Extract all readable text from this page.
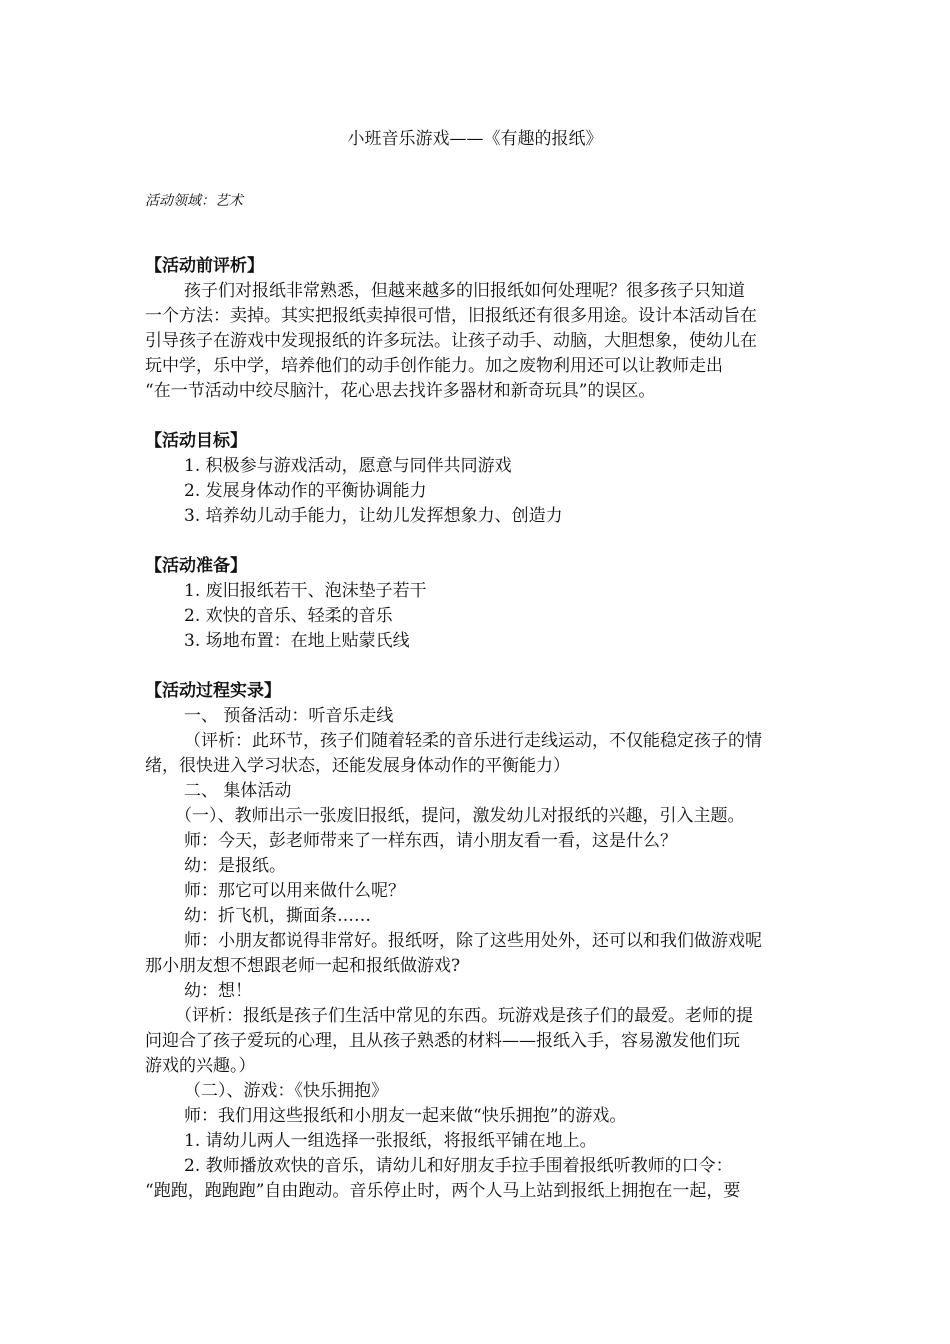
小班音乐游戏——《有趣的报纸》
活动领域：艺术
【活动前评析】
孩子们对报纸非常熟悉，但越来越多的旧报纸如何处理呢？很多孩子只知道
一个方法：卖掉。其实把报纸卖掉很可惜，旧报纸还有很多用途。设计本活动旨在
引导孩子在游戏中发现报纸的许多玩法。让孩子动手、动脑，大胆想象，使幼儿在
玩中学，乐中学，培养他们的动手创作能力。加之废物利用还可以让教师走出
“在一节活动中绞尽脑汁，花心思去找许多器材和新奇玩具”的误区。
【活动目标】
1. 积极参与游戏活动，愿意与同伴共同游戏
2. 发展身体动作的平衡协调能力
3. 培养幼儿动手能力，让幼儿发挥想象力、创造力
【活动准备】
1. 废旧报纸若干、泡沫垫子若干
2. 欢快的音乐、轻柔的音乐
3. 场地布置：在地上贴蒙氏线
【活动过程实录】
一、 预备活动：听音乐走线
（评析：此环节，孩子们随着轻柔的音乐进行走线运动，不仅能稳定孩子的情
绪，很快进入学习状态，还能发展身体动作的平衡能力）
二、 集体活动
（一）、教师出示一张废旧报纸，提问，激发幼儿对报纸的兴趣，引入主题。
师：今天，彭老师带来了一样东西，请小朋友看一看，这是什么？
幼：是报纸。
师：那它可以用来做什么呢？
幼：折飞机，撕面条……
师：小朋友都说得非常好。报纸呀，除了这些用处外，还可以和我们做游戏呢
那小朋友想不想跟老师一起和报纸做游戏?
幼：想！
（评析：报纸是孩子们生活中常见的东西。玩游戏是孩子们的最爱。老师的提
问迎合了孩子爱玩的心理，且从孩子熟悉的材料——报纸入手，容易激发他们玩
游戏的兴趣。）
（二）、游戏：《快乐拥抱》
师：我们用这些报纸和小朋友一起来做“快乐拥抱”的游戏。
1. 请幼儿两人一组选择一张报纸，将报纸平铺在地上。
2. 教师播放欢快的音乐，请幼儿和好朋友手拉手围着报纸听教师的口令：
“跑跑，跑跑跑”自由跑动。音乐停止时，两个人马上站到报纸上拥抱在一起，要
